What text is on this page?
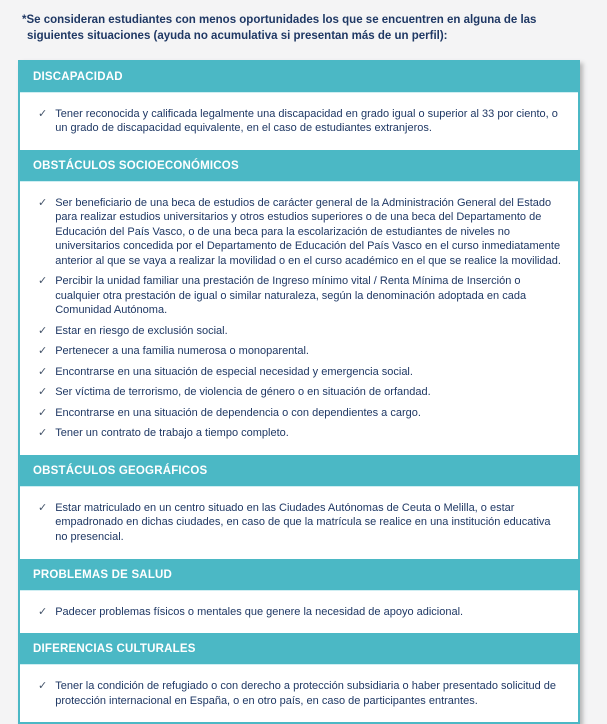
*Se consideran estudiantes con menos oportunidades los que se encuentren en alguna de las siguientes situaciones (ayuda no acumulativa si presentan más de un perfil):

DISCAPACIDAD
✓ Tener reconocida y calificada legalmente una discapacidad en grado igual o superior al 33 por ciento, o un grado de discapacidad equivalente, en el caso de estudiantes extranjeros.
OBSTÁCULOS SOCIOECONÓMICOS
✓ Ser beneficiario de una beca de estudios de carácter general de la Administración General del Estado para realizar estudios universitarios y otros estudios superiores o de una beca del Departamento de Educación del País Vasco, o de una beca para la escolarización de estudiantes de niveles no universitarios concedida por el Departamento de Educación del País Vasco en el curso inmediatamente anterior al que se vaya a realizar la movilidad o en el curso académico en el que se realice la movilidad.
✓ Percibir la unidad familiar una prestación de Ingreso mínimo vital / Renta Mínima de Inserción o cualquier otra prestación de igual o similar naturaleza, según la denominación adoptada en cada Comunidad Autónoma.
✓ Estar en riesgo de exclusión social.
✓ Pertenecer a una familia numerosa o monoparental.
✓ Encontrarse en una situación de especial necesidad y emergencia social.
✓ Ser víctima de terrorismo, de violencia de género o en situación de orfandad.
✓ Encontrarse en una situación de dependencia o con dependientes a cargo.
✓ Tener un contrato de trabajo a tiempo completo.
OBSTÁCULOS GEOGRÁFICOS
✓ Estar matriculado en un centro situado en las Ciudades Autónomas de Ceuta o Melilla, o estar empadronado en dichas ciudades, en caso de que la matrícula se realice en una institución educativa no presencial.
PROBLEMAS DE SALUD
✓ Padecer problemas físicos o mentales que genere la necesidad de apoyo adicional.
DIFERENCIAS CULTURALES
✓ Tener la condición de refugiado o con derecho a protección subsidiaria o haber presentado solicitud de protección internacional en España, o en otro país, en caso de participantes entrantes.
